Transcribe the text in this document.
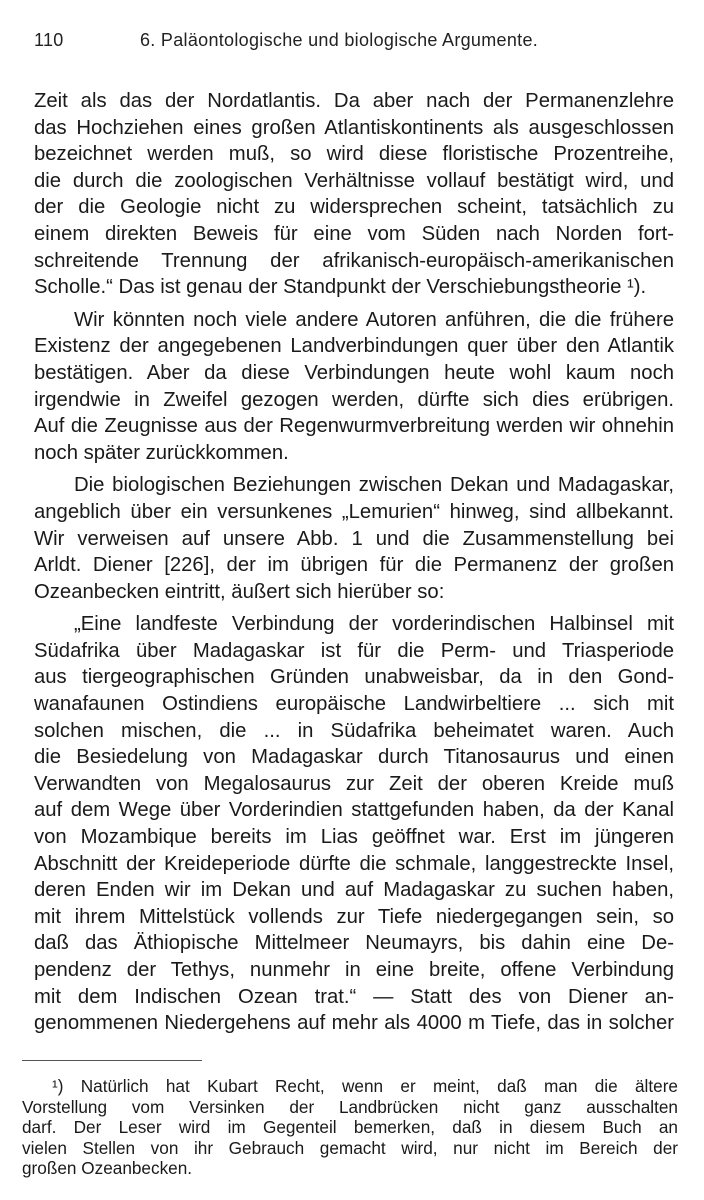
110	6. Paläontologische und biologische Argumente.
Zeit als das der Nordatlantis. Da aber nach der Permanenzlehre
das Hochziehen eines großen Atlantiskontinents als ausgeschlossen
bezeichnet werden muß, so wird diese floristische Prozentreihe,
die durch die zoologischen Verhältnisse vollauf bestätigt wird, und
der die Geologie nicht zu widersprechen scheint, tatsächlich zu
einem direkten Beweis für eine vom Süden nach Norden fort-
schreitende Trennung der afrikanisch-europäisch-amerikanischen
Scholle.“ Das ist genau der Standpunkt der Verschiebungstheorie ¹).
Wir könnten noch viele andere Autoren anführen, die die frühere
Existenz der angegebenen Landverbindungen quer über den Atlantik
bestätigen. Aber da diese Verbindungen heute wohl kaum noch
irgendwie in Zweifel gezogen werden, dürfte sich dies erübrigen.
Auf die Zeugnisse aus der Regenwurmverbreitung werden wir ohnehin
noch später zurückkommen.
Die biologischen Beziehungen zwischen Dekan und Madagaskar,
angeblich über ein versunkenes „Lemurien“ hinweg, sind allbekannt.
Wir verweisen auf unsere Abb. 1 und die Zusammenstellung bei
Arldt. Diener [226], der im übrigen für die Permanenz der großen
Ozeanbecken eintritt, äußert sich hierüber so:
„Eine landfeste Verbindung der vorderindischen Halbinsel mit
Südafrika über Madagaskar ist für die Perm- und Triasperiode
aus tiergeographischen Gründen unabweisbar, da in den Gond-
wanafaunen Ostindiens europäische Landwirbeltiere ... sich mit
solchen mischen, die ... in Südafrika beheimatet waren. Auch
die Besiedelung von Madagaskar durch Titanosaurus und einen
Verwandten von Megalosaurus zur Zeit der oberen Kreide muß
auf dem Wege über Vorderindien stattgefunden haben, da der Kanal
von Mozambique bereits im Lias geöffnet war. Erst im jüngeren
Abschnitt der Kreideperiode dürfte die schmale, langgestreckte Insel,
deren Enden wir im Dekan und auf Madagaskar zu suchen haben,
mit ihrem Mittelstück vollends zur Tiefe niedergegangen sein, so
daß das Äthiopische Mittelmeer Neumayrs, bis dahin eine De-
pendenz der Tethys, nunmehr in eine breite, offene Verbindung
mit dem Indischen Ozean trat.“ — Statt des von Diener an-
genommenen Niedergehens auf mehr als 4000 m Tiefe, das in solcher
¹) Natürlich hat Kubart Recht, wenn er meint, daß man die ältere
Vorstellung vom Versinken der Landbrücken nicht ganz ausschalten
darf. Der Leser wird im Gegenteil bemerken, daß in diesem Buch an
vielen Stellen von ihr Gebrauch gemacht wird, nur nicht im Bereich der
großen Ozeanbecken.
